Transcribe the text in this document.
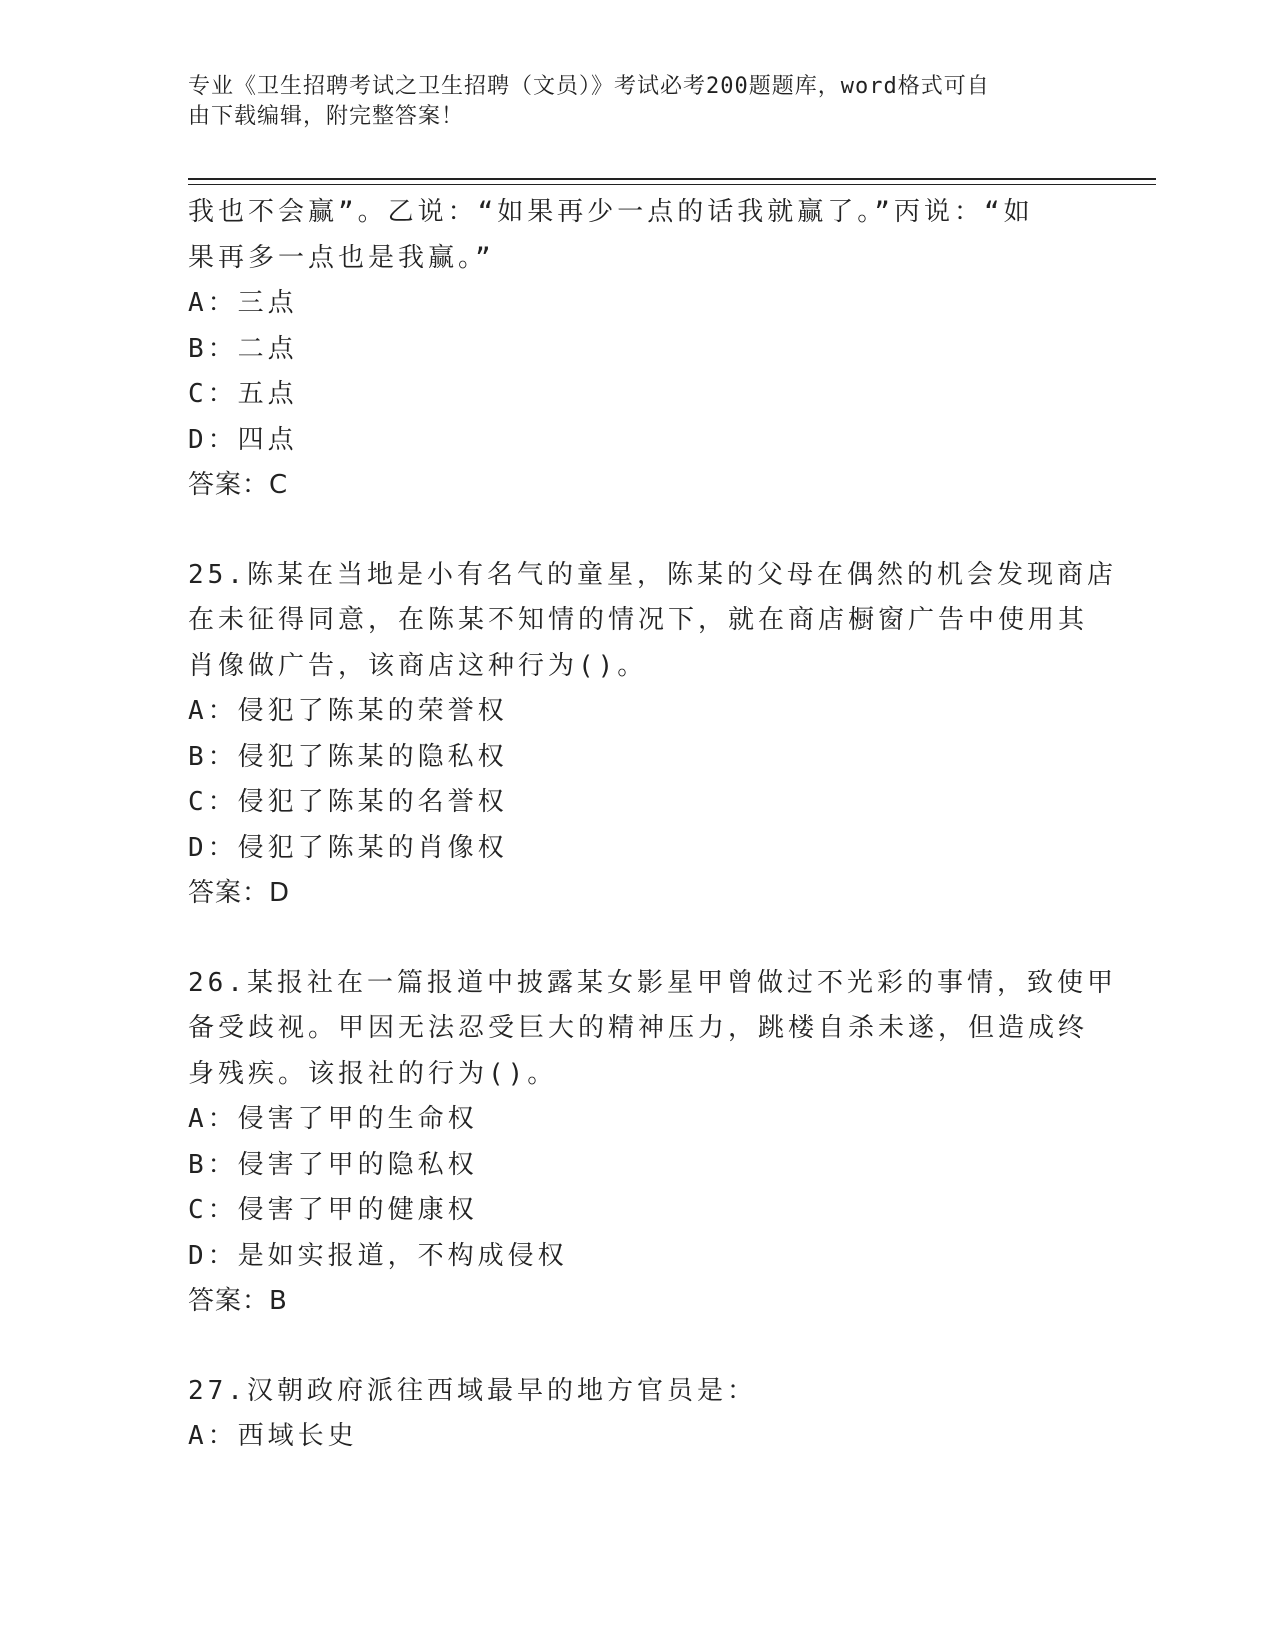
专业《卫生招聘考试之卫生招聘（文员）》考试必考200题题库，word格式可自
由下载编辑，附完整答案！
我也不会赢”。乙说：“如果再少一点的话我就赢了。”丙说：“如
果再多一点也是我赢。”
A：三点
B：二点
C：五点
D：四点
答案：C
25.陈某在当地是小有名气的童星，陈某的父母在偶然的机会发现商店
在未征得同意，在陈某不知情的情况下，就在商店橱窗广告中使用其
肖像做广告，该商店这种行为()。
A：侵犯了陈某的荣誉权
B：侵犯了陈某的隐私权
C：侵犯了陈某的名誉权
D：侵犯了陈某的肖像权
答案：D
26.某报社在一篇报道中披露某女影星甲曾做过不光彩的事情，致使甲
备受歧视。甲因无法忍受巨大的精神压力，跳楼自杀未遂，但造成终
身残疾。该报社的行为()。
A：侵害了甲的生命权
B：侵害了甲的隐私权
C：侵害了甲的健康权
D：是如实报道，不构成侵权
答案：B
27.汉朝政府派往西域最早的地方官员是：
A：西域长史
